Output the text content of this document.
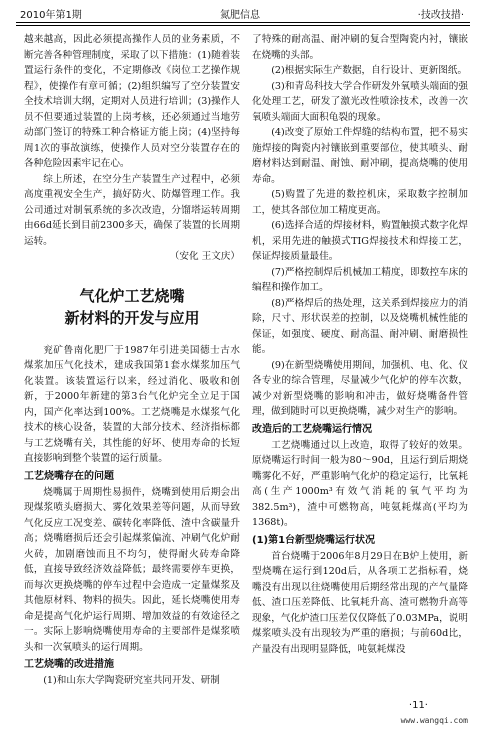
2010年第1期	氮肥信息	·技改技措·

越来越高，因此必须提高操作人员的业务素质，不断完善各种管理制度，采取了以下措施：(1)随着装置运行条件的变化，不定期修改《岗位工艺操作规程》，使操作有章可循；(2)组织编写了空分装置安全技术培训大纲，定期对人员进行培训；(3)操作人员不但要通过装置的上岗考核，还必须通过当地劳动部门签订的特殊工种合格证方能上岗；(4)坚持每周1次的事故演练，使操作人员对空分装置存在的各种危险因素牢记在心。

综上所述，在空分生产装置生产过程中，必须高度重视安全生产，搞好防火、防爆管理工作。我公司通过对制氧系统的多次改造，分馏塔运转周期由66d延长到目前2300多天，确保了装置的长周期运转。

（安化 王文庆）

气化炉工艺烧嘴
新材料的开发与应用

兖矿鲁南化肥厂于1987年引进美国德士古水煤浆加压气化技术，建成我国第1套水煤浆加压气化装置。该装置运行以来，经过消化、吸收和创新，于2000年新建的第3台气化炉完全立足于国内，国产化率达到100%。工艺烧嘴是水煤浆气化技术的核心设备，装置的大部分技术、经济指标都与工艺烧嘴有关，其性能的好坏、使用寿命的长短直接影响到整个装置的运行质量。

工艺烧嘴存在的问题

烧嘴属于周期性易损件，烧嘴到使用后期会出现煤浆喷头磨损大、雾化效果差等问题，从而导致气化反应工况变差、碳转化率降低、渣中含碳量升高；烧嘴磨损后还会引起煤浆偏流、冲刷气化炉耐火砖，加剧磨蚀而且不均匀，使得耐火砖寿命降低，直接导致经济效益降低；最终需要停车更换，而每次更换烧嘴的停车过程中会造成一定量煤浆及其他原材料、物料的损失。因此，延长烧嘴使用寿命是提高气化炉运行周期、增加效益的有效途径之一。实际上影响烧嘴使用寿命的主要部件是煤浆喷头和一次氧喷头的运行周期。

工艺烧嘴的改进措施

(1)和山东大学陶瓷研究室共同开发、研制

了特殊的耐高温、耐冲刷的复合型陶瓷内衬，镶嵌在烧嘴的头部。

(2)根据实际生产数据，自行设计、更新图纸。

(3)和青岛科技大学合作研发外氧喷头端面的强化处理工艺，研发了激光改性喷涂技术，改善一次氧喷头端面大面积龟裂的现象。

(4)改变了原始工件焊缝的结构布置，把不易实施焊接的陶瓷内衬镶嵌到重要部位，使其喷头、耐磨材料达到耐温、耐蚀、耐冲刷，提高烧嘴的使用寿命。

(5)购置了先进的数控机床，采取数字控制加工，使其各部位加工精度更高。

(6)选择合适的焊接材料，购置触摸式数字化焊机，采用先进的触摸式TIG焊接技术和焊接工艺，保证焊接质量最佳。

(7)严格控制焊后机械加工精度，即数控车床的编程和操作加工。

(8)严格焊后的热处理，这关系到焊接应力的消除，尺寸、形状误差的控制，以及烧嘴机械性能的保证，如强度、硬度、耐高温、耐冲刷、耐磨损性能。

(9)在新型烧嘴使用期间，加强机、电、化、仪各专业的综合管理，尽量减少气化炉的停车次数，减少对新型烧嘴的影响和冲击，做好烧嘴备件管理，做到随时可以更换烧嘴，减少对生产的影响。

改造后的工艺烧嘴运行情况

工艺烧嘴通过以上改造，取得了较好的效果。原烧嘴运行时间一般为80～90d，且运行到后期烧嘴雾化不好，严重影响气化炉的稳定运行，比氧耗高(生产1000m³有效气消耗的氧气平均为382.5m³)，渣中可燃物高，吨氨耗煤高(平均为1368t)。

(1)第1台新型烧嘴运行状况

首台烧嘴于2006年8月29日在B炉上使用，新型烧嘴在运行到120d后，从各项工艺指标看，烧嘴没有出现以往烧嘴使用后期经常出现的产气量降低、渣口压差降低、比氧耗升高、渣可燃物升高等现象，气化炉渣口压差仅仅降低了0.03MPa，说明煤浆喷头没有出现较为严重的磨损；与前60d比，产量没有出现明显降低，吨氨耗煤没

·11·
www.wangqi.com
